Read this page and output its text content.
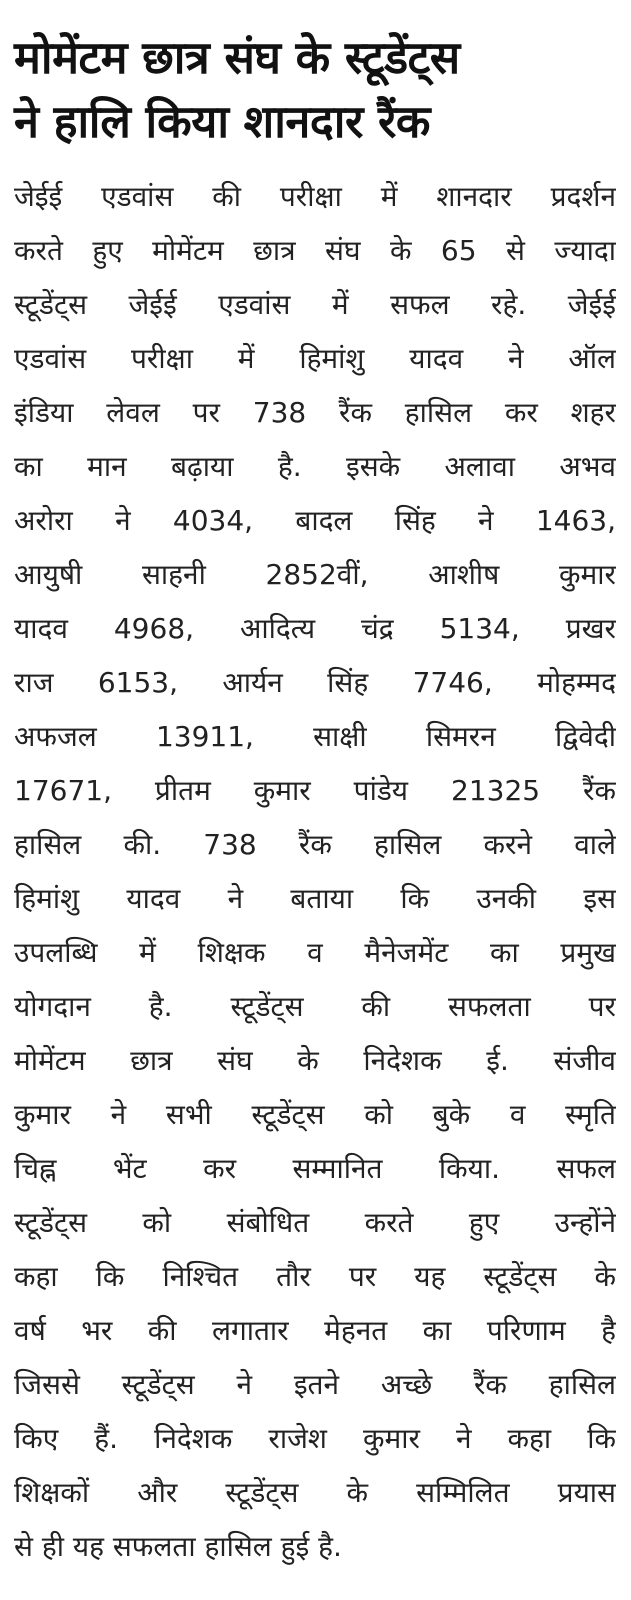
मोमेंटम छात्र संघ के स्टूडेंट्स
ने हालि किया शानदार रैंक
जेईई एडवांस की परीक्षा में शानदार प्रदर्शन
करते हुए मोमेंटम छात्र संघ के 65 से ज्यादा
स्टूडेंट्स जेईई एडवांस में सफल रहे. जेईई
एडवांस परीक्षा में हिमांशु यादव ने ऑल
इंडिया लेवल पर 738 रैंक हासिल कर शहर
का मान बढ़ाया है. इसके अलावा अभव
अरोरा ने 4034, बादल सिंह ने 1463,
आयुषी साहनी 2852वीं, आशीष कुमार
यादव 4968, आदित्य चंद्र 5134, प्रखर
राज 6153, आर्यन सिंह 7746, मोहम्मद
अफजल 13911, साक्षी सिमरन द्विवेदी
17671, प्रीतम कुमार पांडेय 21325 रैंक
हासिल की. 738 रैंक हासिल करने वाले
हिमांशु यादव ने बताया कि उनकी इस
उपलब्धि में शिक्षक व मैनेजमेंट का प्रमुख
योगदान है. स्टूडेंट्स की सफलता पर
मोमेंटम छात्र संघ के निदेशक ई. संजीव
कुमार ने सभी स्टूडेंट्स को बुके व स्मृति
चिह्न भेंट कर सम्मानित किया. सफल
स्टूडेंट्स को संबोधित करते हुए उन्होंने
कहा कि निश्चित तौर पर यह स्टूडेंट्स के
वर्ष भर की लगातार मेहनत का परिणाम है
जिससे स्टूडेंट्स ने इतने अच्छे रैंक हासिल
किए हैं. निदेशक राजेश कुमार ने कहा कि
शिक्षकों और स्टूडेंट्स के सम्मिलित प्रयास
से ही यह सफलता हासिल हुई है.
